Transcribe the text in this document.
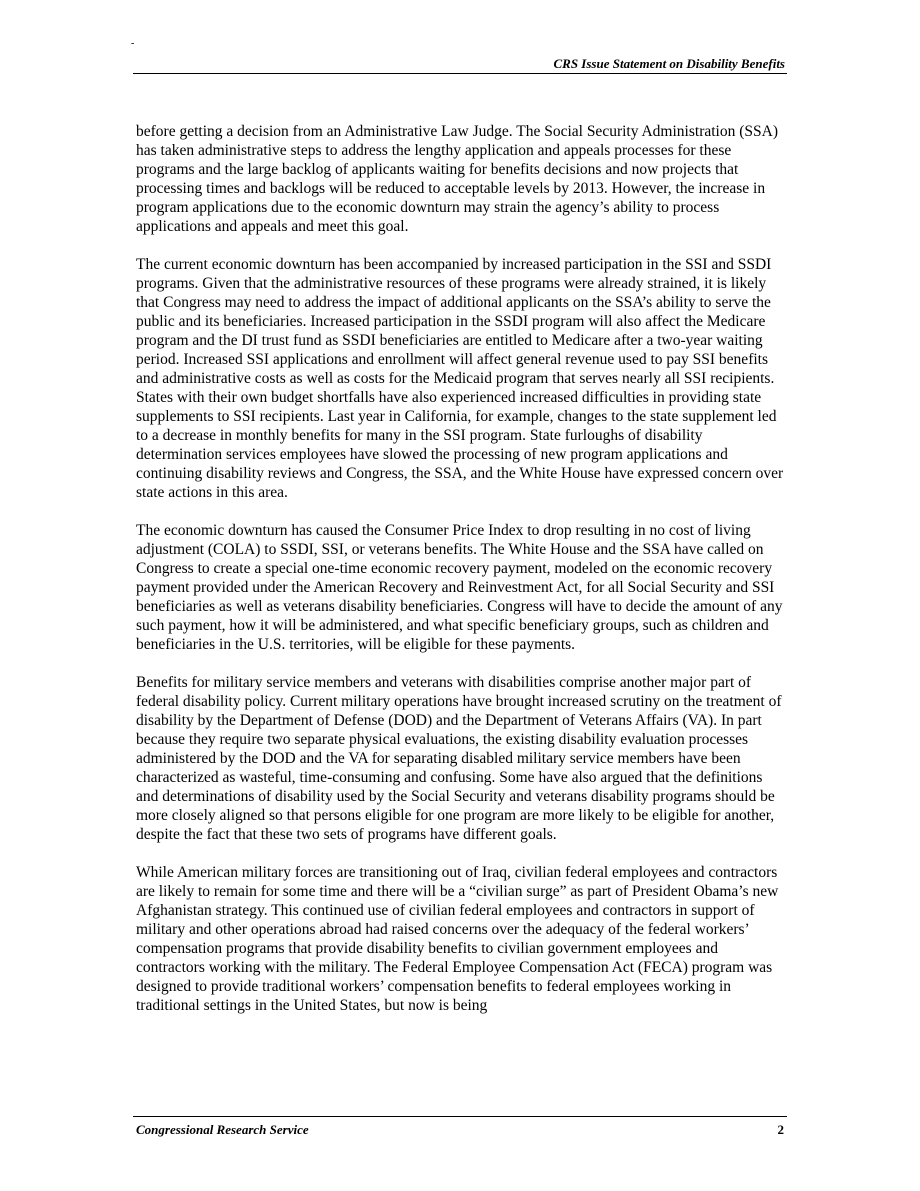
-
CRS Issue Statement on Disability Benefits

before getting a decision from an Administrative Law Judge. The Social Security Administration (SSA) has taken administrative steps to address the lengthy application and appeals processes for these programs and the large backlog of applicants waiting for benefits decisions and now projects that processing times and backlogs will be reduced to acceptable levels by 2013. However, the increase in program applications due to the economic downturn may strain the agency’s ability to process applications and appeals and meet this goal.

The current economic downturn has been accompanied by increased participation in the SSI and SSDI programs. Given that the administrative resources of these programs were already strained, it is likely that Congress may need to address the impact of additional applicants on the SSA’s ability to serve the public and its beneficiaries. Increased participation in the SSDI program will also affect the Medicare program and the DI trust fund as SSDI beneficiaries are entitled to Medicare after a two-year waiting period. Increased SSI applications and enrollment will affect general revenue used to pay SSI benefits and administrative costs as well as costs for the Medicaid program that serves nearly all SSI recipients. States with their own budget shortfalls have also experienced increased difficulties in providing state supplements to SSI recipients. Last year in California, for example, changes to the state supplement led to a decrease in monthly benefits for many in the SSI program. State furloughs of disability determination services employees have slowed the processing of new program applications and continuing disability reviews and Congress, the SSA, and the White House have expressed concern over state actions in this area.

The economic downturn has caused the Consumer Price Index to drop resulting in no cost of living adjustment (COLA) to SSDI, SSI, or veterans benefits. The White House and the SSA have called on Congress to create a special one-time economic recovery payment, modeled on the economic recovery payment provided under the American Recovery and Reinvestment Act, for all Social Security and SSI beneficiaries as well as veterans disability beneficiaries. Congress will have to decide the amount of any such payment, how it will be administered, and what specific beneficiary groups, such as children and beneficiaries in the U.S. territories, will be eligible for these payments.

Benefits for military service members and veterans with disabilities comprise another major part of federal disability policy. Current military operations have brought increased scrutiny on the treatment of disability by the Department of Defense (DOD) and the Department of Veterans Affairs (VA). In part because they require two separate physical evaluations, the existing disability evaluation processes administered by the DOD and the VA for separating disabled military service members have been characterized as wasteful, time-consuming and confusing. Some have also argued that the definitions and determinations of disability used by the Social Security and veterans disability programs should be more closely aligned so that persons eligible for one program are more likely to be eligible for another, despite the fact that these two sets of programs have different goals.

While American military forces are transitioning out of Iraq, civilian federal employees and contractors are likely to remain for some time and there will be a “civilian surge” as part of President Obama’s new Afghanistan strategy. This continued use of civilian federal employees and contractors in support of military and other operations abroad had raised concerns over the adequacy of the federal workers’ compensation programs that provide disability benefits to civilian government employees and contractors working with the military. The Federal Employee Compensation Act (FECA) program was designed to provide traditional workers’ compensation benefits to federal employees working in traditional settings in the United States, but now is being

Congressional Research Service	2
